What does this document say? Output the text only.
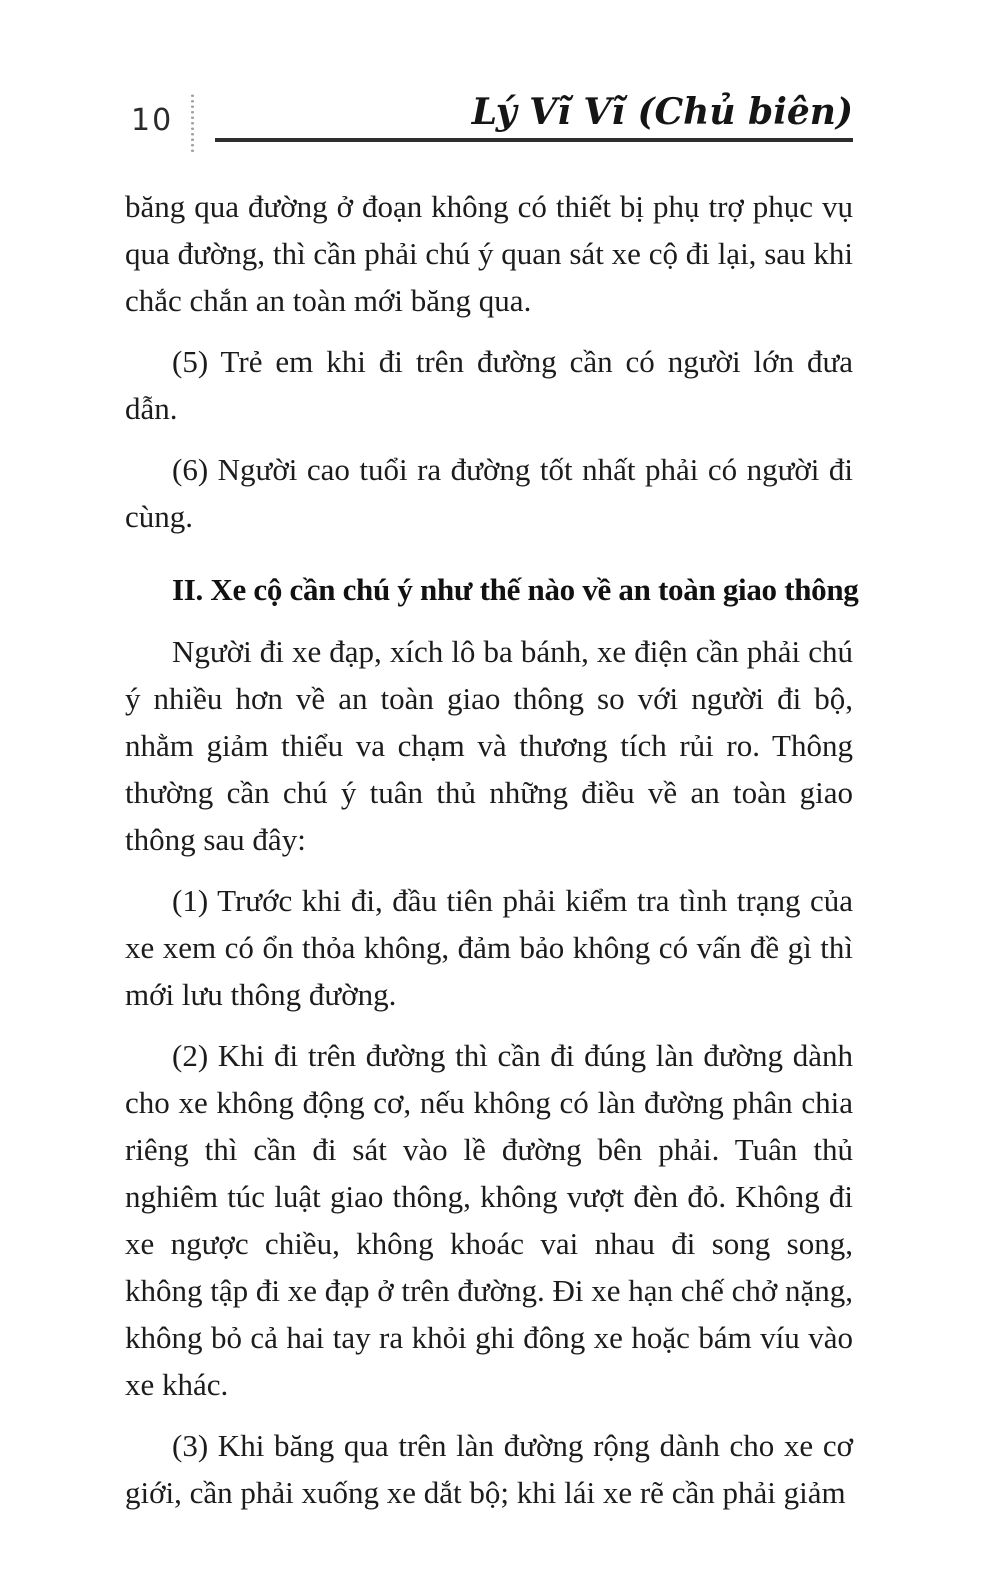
10	Lý Vĩ Vĩ (Chủ biên)

băng qua đường ở đoạn không có thiết bị phụ trợ phục vụ qua đường, thì cần phải chú ý quan sát xe cộ đi lại, sau khi chắc chắn an toàn mới băng qua.

(5) Trẻ em khi đi trên đường cần có người lớn đưa dẫn.

(6) Người cao tuổi ra đường tốt nhất phải có người đi cùng.

II. Xe cộ cần chú ý như thế nào về an toàn giao thông

Người đi xe đạp, xích lô ba bánh, xe điện cần phải chú ý nhiều hơn về an toàn giao thông so với người đi bộ, nhằm giảm thiểu va chạm và thương tích rủi ro. Thông thường cần chú ý tuân thủ những điều về an toàn giao thông sau đây:

(1) Trước khi đi, đầu tiên phải kiểm tra tình trạng của xe xem có ổn thỏa không, đảm bảo không có vấn đề gì thì mới lưu thông đường.

(2) Khi đi trên đường thì cần đi đúng làn đường dành cho xe không động cơ, nếu không có làn đường phân chia riêng thì cần đi sát vào lề đường bên phải. Tuân thủ nghiêm túc luật giao thông, không vượt đèn đỏ. Không đi xe ngược chiều, không khoác vai nhau đi song song, không tập đi xe đạp ở trên đường. Đi xe hạn chế chở nặng, không bỏ cả hai tay ra khỏi ghi đông xe hoặc bám víu vào xe khác.

(3) Khi băng qua trên làn đường rộng dành cho xe cơ giới, cần phải xuống xe dắt bộ; khi lái xe rẽ cần phải giảm
